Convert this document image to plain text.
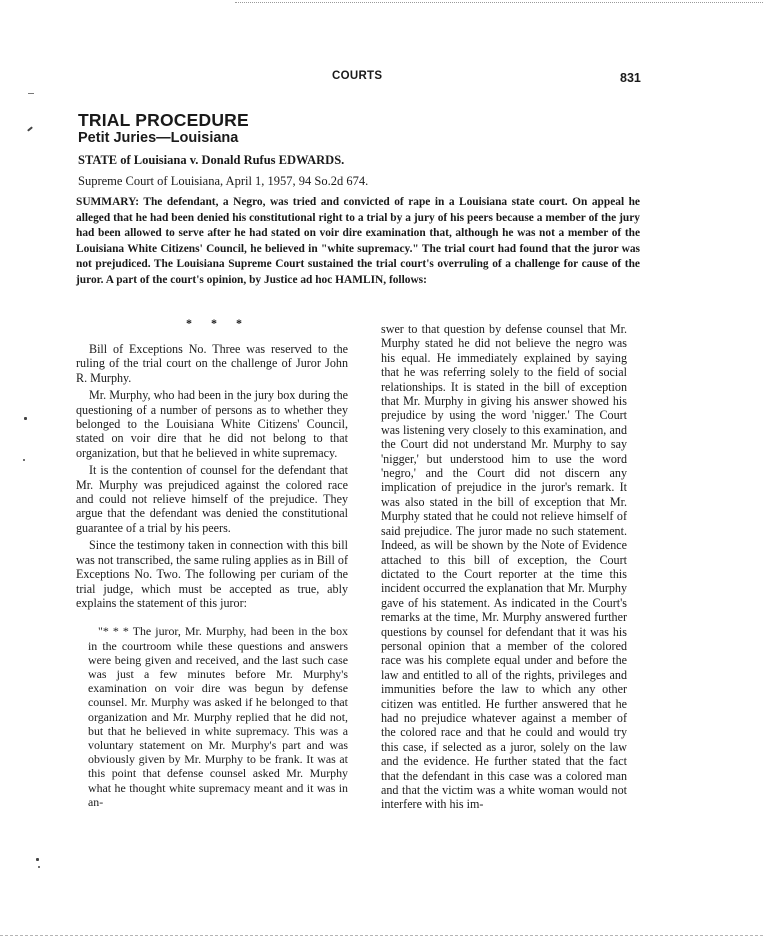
COURTS	831
TRIAL PROCEDURE
Petit Juries—Louisiana
STATE of Louisiana v. Donald Rufus EDWARDS.
Supreme Court of Louisiana, April 1, 1957, 94 So.2d 674.

SUMMARY: The defendant, a Negro, was tried and convicted of rape in a Louisiana state court. On appeal he alleged that he had been denied his constitutional right to a trial by a jury of his peers because a member of the jury had been allowed to serve after he had stated on voir dire examination that, although he was not a member of the Louisiana White Citizens' Council, he believed in "white supremacy." The trial court had found that the juror was not prejudiced. The Louisiana Supreme Court sustained the trial court's overruling of a challenge for cause of the juror. A part of the court's opinion, by Justice ad hoc HAMLIN, follows:

* * *

Bill of Exceptions No. Three was reserved to the ruling of the trial court on the challenge of Juror John R. Murphy.

Mr. Murphy, who had been in the jury box during the questioning of a number of persons as to whether they belonged to the Louisiana White Citizens' Council, stated on voir dire that he did not belong to that organization, but that he believed in white supremacy.

It is the contention of counsel for the defendant that Mr. Murphy was prejudiced against the colored race and could not relieve himself of the prejudice. They argue that the defendant was denied the constitutional guarantee of a trial by his peers.

Since the testimony taken in connection with this bill was not transcribed, the same ruling applies as in Bill of Exceptions No. Two. The following per curiam of the trial judge, which must be accepted as true, ably explains the statement of this juror:

"* * * The juror, Mr. Murphy, had been in the box in the courtroom while these questions and answers were being given and received, and the last such case was just a few minutes before Mr. Murphy's examination on voir dire was begun by defense counsel. Mr. Murphy was asked if he belonged to that organization and Mr. Murphy replied that he did not, but that he believed in white supremacy. This was a voluntary statement on Mr. Murphy's part and was obviously given by Mr. Murphy to be frank. It was at this point that defense counsel asked Mr. Murphy what he thought white supremacy meant and it was in an-

swer to that question by defense counsel that Mr. Murphy stated he did not believe the negro was his equal. He immediately explained by saying that he was referring solely to the field of social relationships. It is stated in the bill of exception that Mr. Murphy in giving his answer showed his prejudice by using the word 'nigger.' The Court was listening very closely to this examination, and the Court did not understand Mr. Murphy to say 'nigger,' but understood him to use the word 'negro,' and the Court did not discern any implication of prejudice in the juror's remark. It was also stated in the bill of exception that Mr. Murphy stated that he could not relieve himself of said prejudice. The juror made no such statement. Indeed, as will be shown by the Note of Evidence attached to this bill of exception, the Court dictated to the Court reporter at the time this incident occurred the explanation that Mr. Murphy gave of his statement. As indicated in the Court's remarks at the time, Mr. Murphy answered further questions by counsel for defendant that it was his personal opinion that a member of the colored race was his complete equal under and before the law and entitled to all of the rights, privileges and immunities before the law to which any other citizen was entitled. He further answered that he had no prejudice whatever against a member of the colored race and that he could and would try this case, if selected as a juror, solely on the law and the evidence. He further stated that the fact that the defendant in this case was a colored man and that the victim was a white woman would not interfere with his im-
